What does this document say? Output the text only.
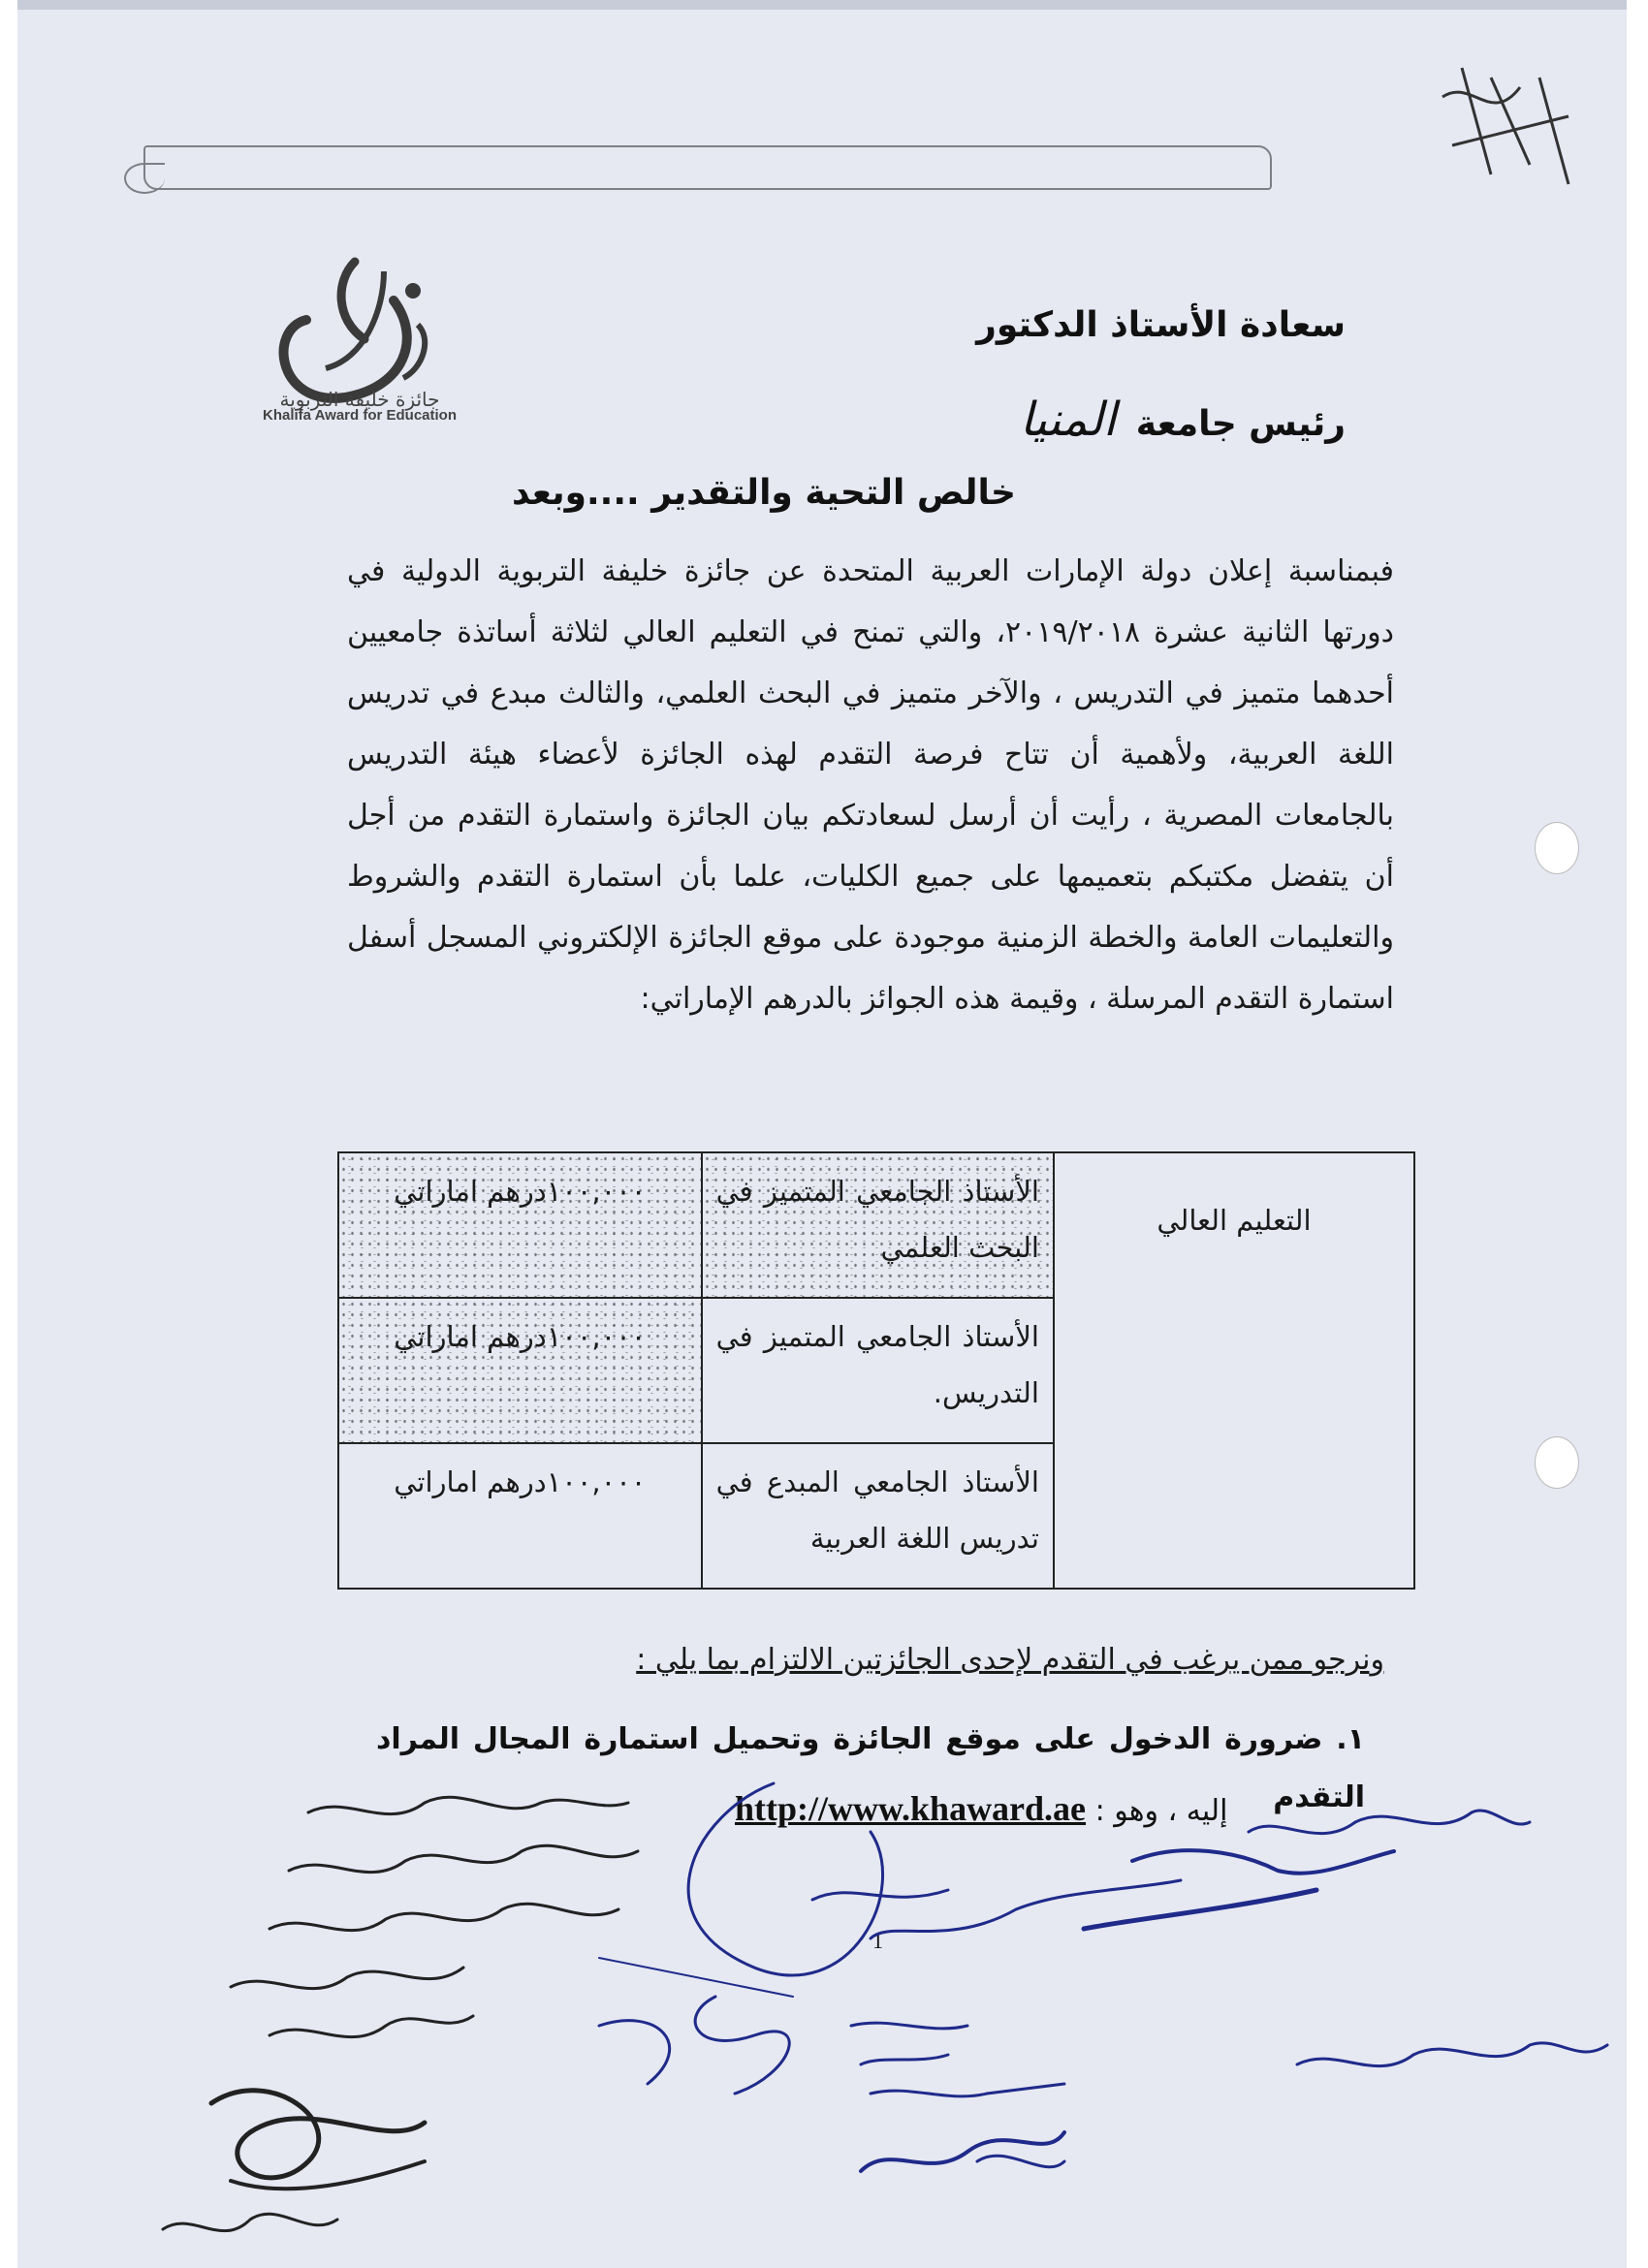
جائزة خليفة التربوية
Khalifa Award for Education
سعادة الأستاذ الدكتور
رئيس جامعة المنيا
خالص التحية والتقدير ....وبعد
فبمناسبة إعلان دولة الإمارات العربية المتحدة عن جائزة خليفة التربوية الدولية في دورتها الثانية عشرة ٢٠١٩/٢٠١٨، والتي تمنح في التعليم العالي لثلاثة أساتذة جامعيين أحدهما متميز في التدريس ، والآخر متميز في البحث العلمي، والثالث مبدع في تدريس اللغة العربية، ولأهمية أن تتاح فرصة التقدم لهذه الجائزة لأعضاء هيئة التدريس بالجامعات المصرية ، رأيت أن أرسل لسعادتكم بيان الجائزة واستمارة التقدم من أجل أن يتفضل مكتبكم بتعميمها على جميع الكليات، علما بأن استمارة التقدم والشروط والتعليمات العامة والخطة الزمنية موجودة على موقع الجائزة الإلكتروني المسجل أسفل استمارة التقدم المرسلة ، وقيمة هذه الجوائز بالدرهم الإماراتي:
التعليم العالي	الأستاذ الجامعي المتميز في البحث العلمي	١٠٠,٠٠٠درهم اماراتي
	الأستاذ الجامعي المتميز في التدريس.	١٠٠,٠٠٠درهم اماراتي
	الأستاذ الجامعي المبدع في تدريس اللغة العربية	١٠٠,٠٠٠درهم اماراتي
ونرجو ممن يرغب في التقدم لإحدى الجائزتين الالتزام بما يلي :
١. ضرورة الدخول على موقع الجائزة وتحميل استمارة المجال المراد التقدم
إليه ، وهو : http://www.khaward.ae
1
